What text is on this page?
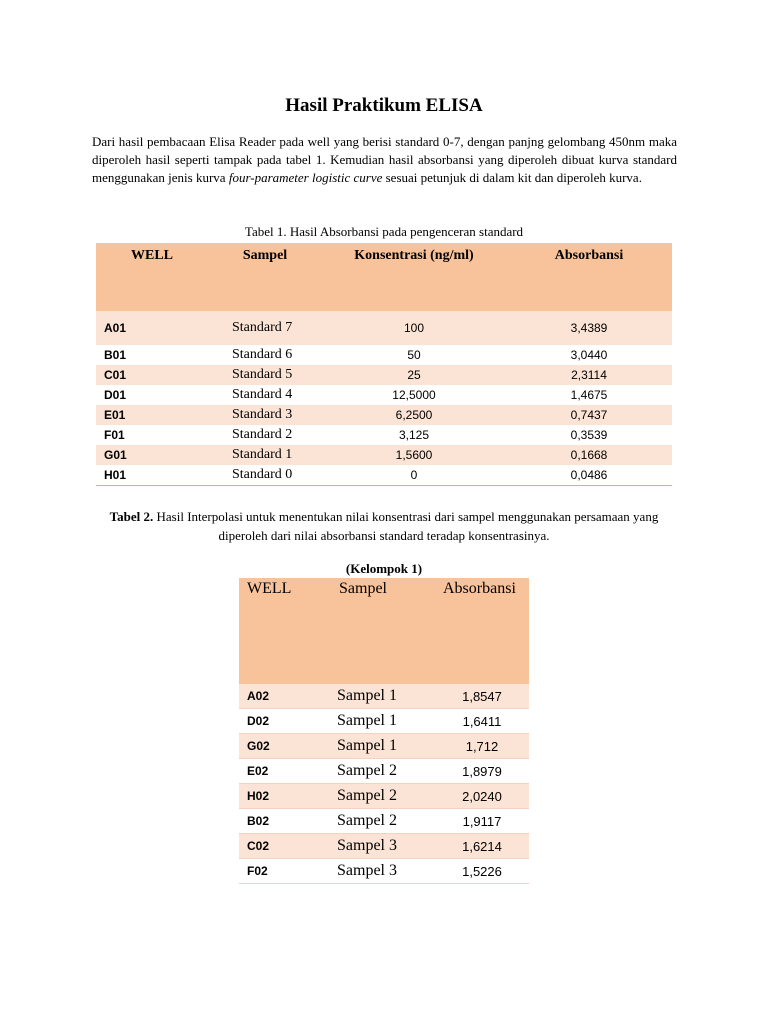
Hasil Praktikum ELISA

Dari hasil pembacaan Elisa Reader pada well yang berisi standard 0-7, dengan panjng gelombang 450nm maka diperoleh hasil seperti tampak pada tabel 1. Kemudian hasil absorbansi yang diperoleh dibuat kurva standard menggunakan jenis kurva four-parameter logistic curve sesuai petunjuk di dalam kit dan diperoleh kurva.

Tabel 1. Hasil Absorbansi pada pengenceran standard
WELL	Sampel	Konsentrasi (ng/ml)	Absorbansi
A01	Standard 7	100	3,4389
B01	Standard 6	50	3,0440
C01	Standard 5	25	2,3114
D01	Standard 4	12,5000	1,4675
E01	Standard 3	6,2500	0,7437
F01	Standard 2	3,125	0,3539
G01	Standard 1	1,5600	0,1668
H01	Standard 0	0	0,0486
Tabel 2. Hasil Interpolasi untuk menentukan nilai konsentrasi dari sampel menggunakan persamaan yang diperoleh dari nilai absorbansi standard teradap konsentrasinya.
(Kelompok 1)
WELL	Sampel	Absorbansi
A02	Sampel 1	1,8547
D02	Sampel 1	1,6411
G02	Sampel 1	1,712
E02	Sampel 2	1,8979
H02	Sampel 2	2,0240
B02	Sampel 2	1,9117
C02	Sampel 3	1,6214
F02	Sampel 3	1,5226
